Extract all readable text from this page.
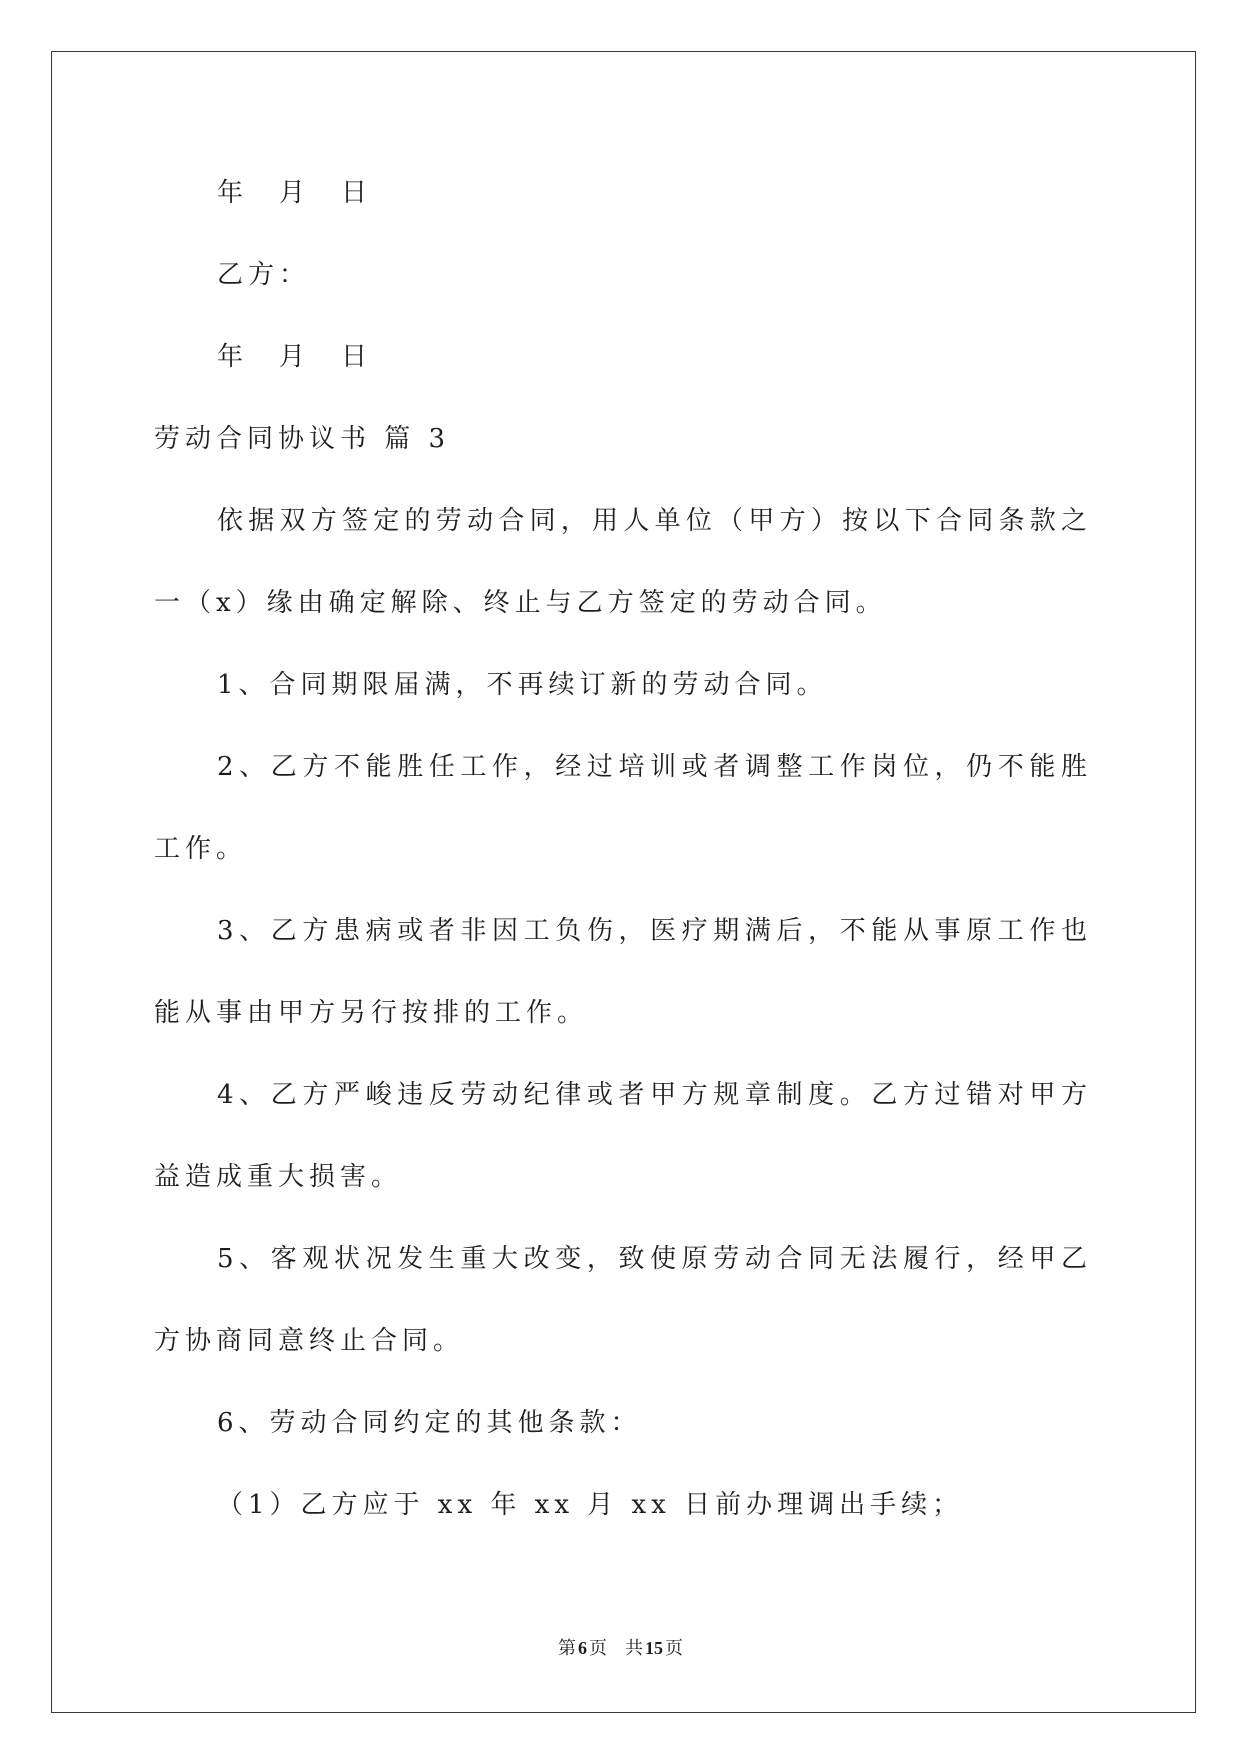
年　月　日
乙方：
年　月　日
劳动合同协议书 篇 3
依据双方签定的劳动合同，用人单位（甲方）按以下合同条款之
一（x）缘由确定解除、终止与乙方签定的劳动合同。
1、合同期限届满，不再续订新的劳动合同。
2、乙方不能胜任工作，经过培训或者调整工作岗位，仍不能胜
工作。
3、乙方患病或者非因工负伤，医疗期满后，不能从事原工作也
能从事由甲方另行按排的工作。
4、乙方严峻违反劳动纪律或者甲方规章制度。乙方过错对甲方
益造成重大损害。
5、客观状况发生重大改变，致使原劳动合同无法履行，经甲乙
方协商同意终止合同。
6、劳动合同约定的其他条款：
（1）乙方应于 xx 年 xx 月 xx 日前办理调出手续；
第 6 页 共 15 页
